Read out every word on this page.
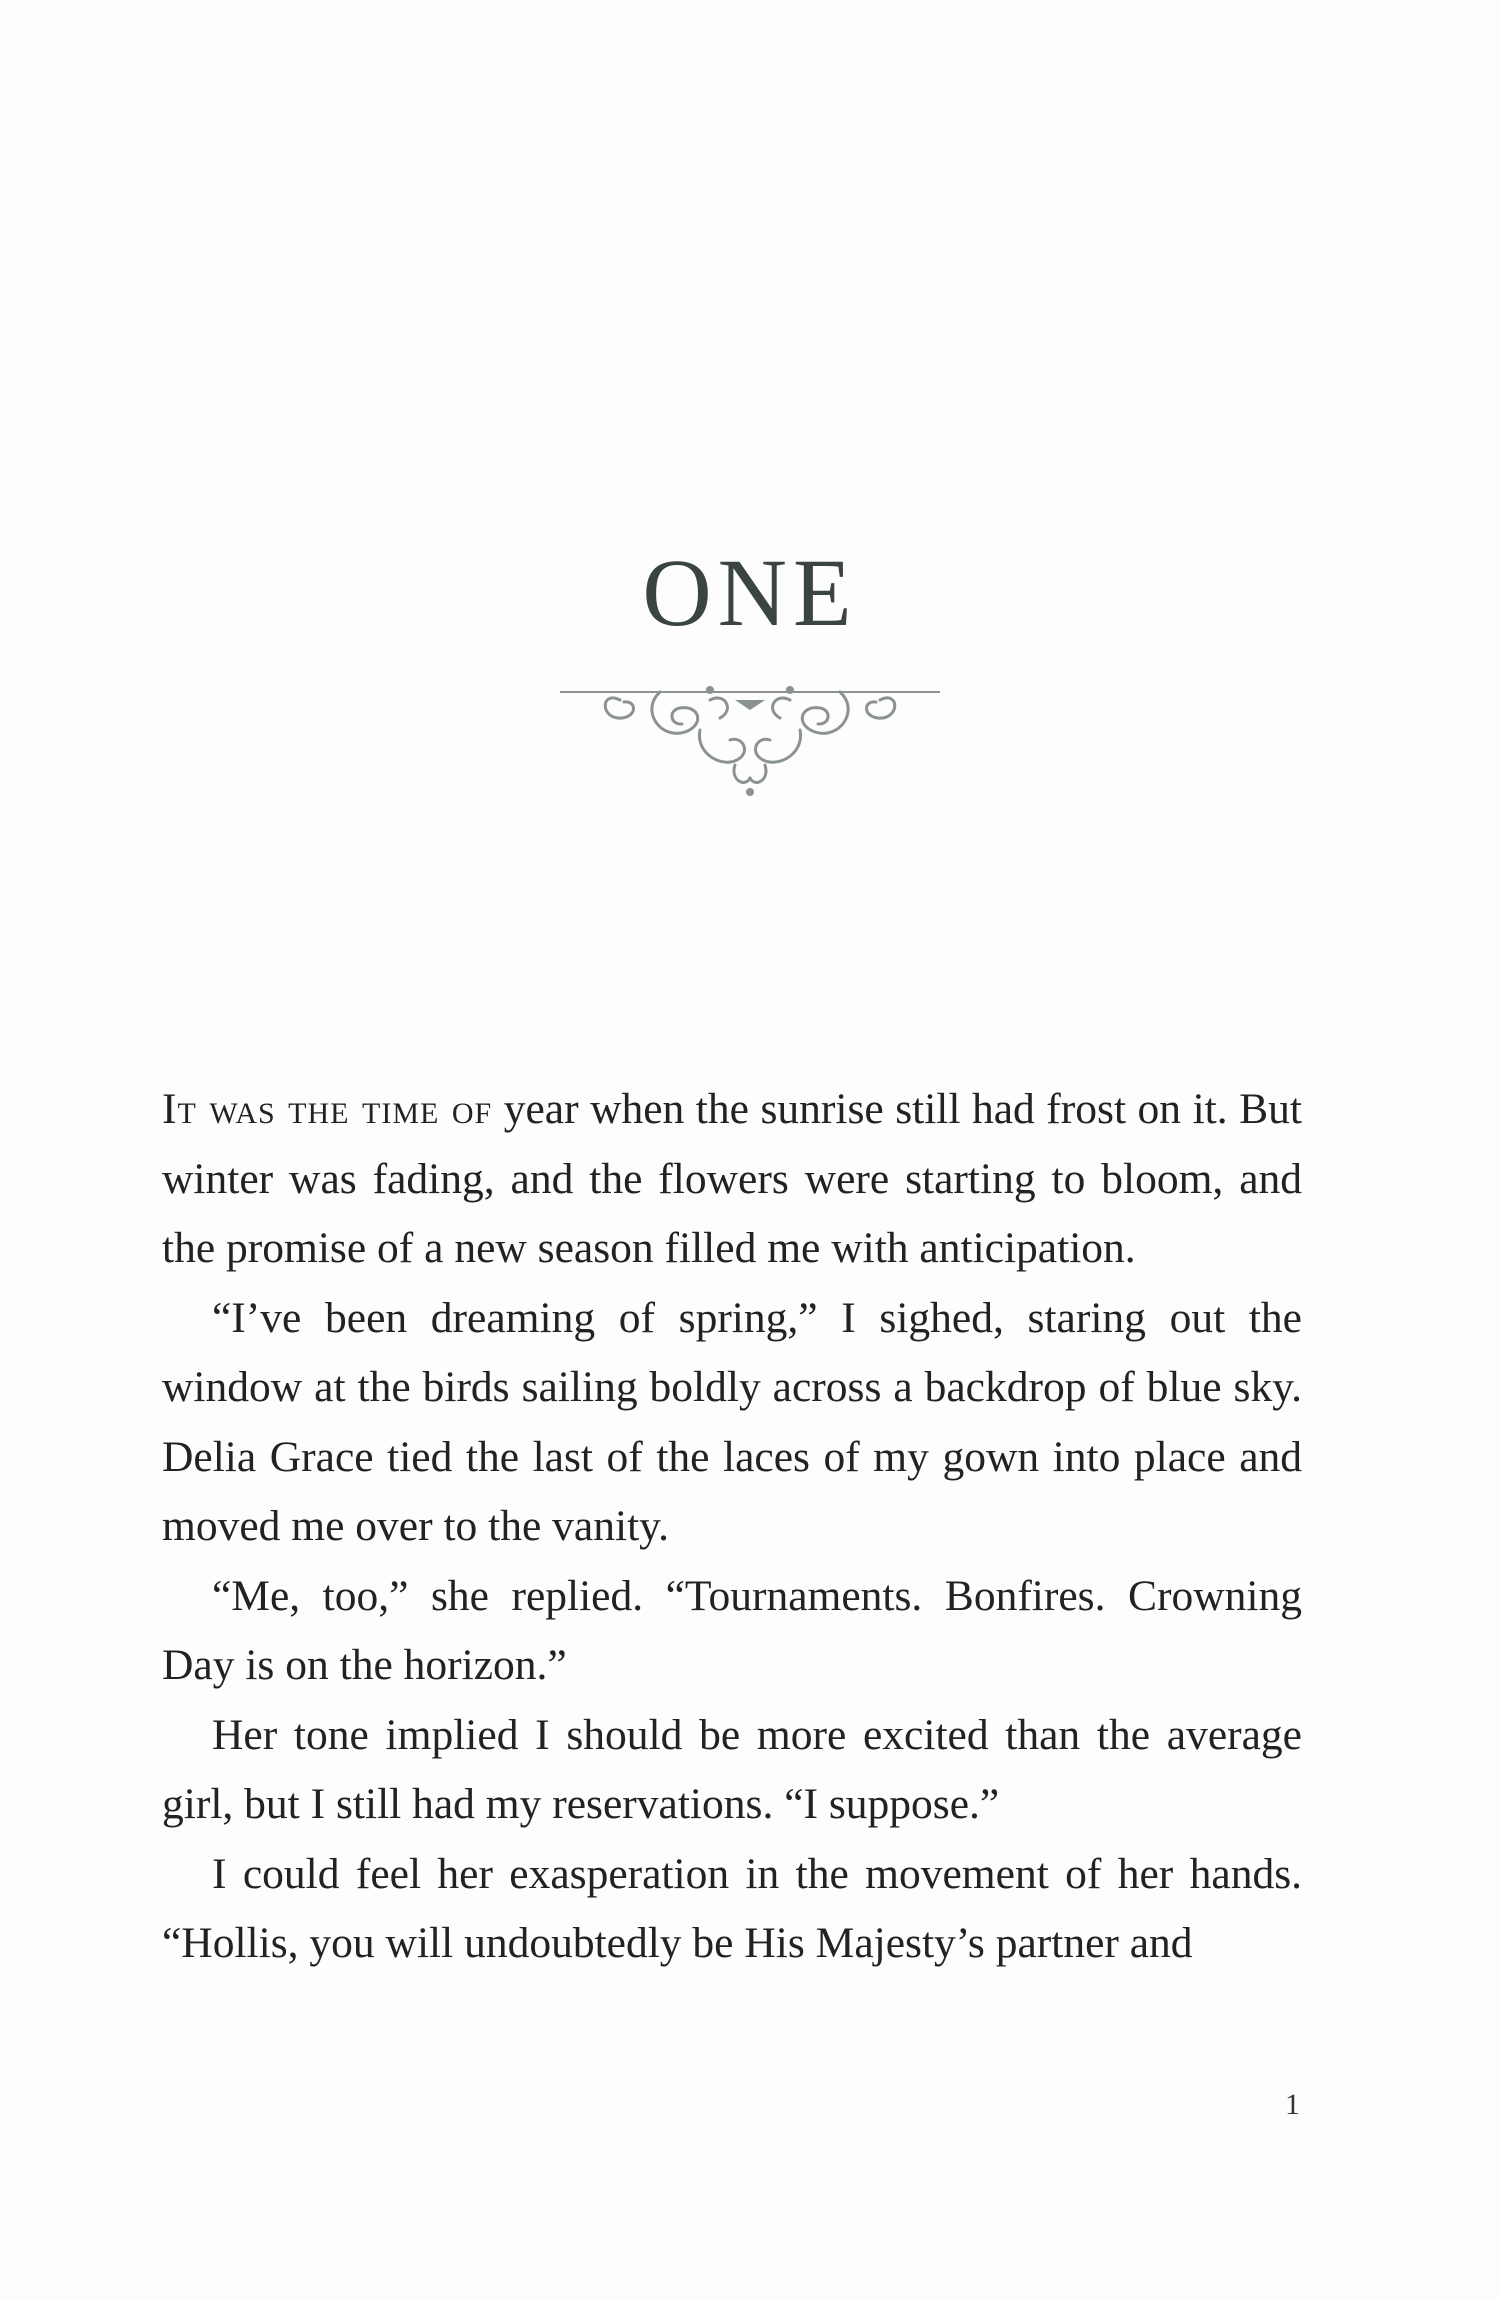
ONE

It was the time of year when the sunrise still had frost on it. But winter was fading, and the flowers were starting to bloom, and the promise of a new season filled me with anticipation.

“I’ve been dreaming of spring,” I sighed, staring out the window at the birds sailing boldly across a backdrop of blue sky. Delia Grace tied the last of the laces of my gown into place and moved me over to the vanity.

“Me, too,” she replied. “Tournaments. Bonfires. Crowning Day is on the horizon.”

Her tone implied I should be more excited than the average girl, but I still had my reservations. “I suppose.”

I could feel her exasperation in the movement of her hands. “Hollis, you will undoubtedly be His Majesty’s partner and

1
